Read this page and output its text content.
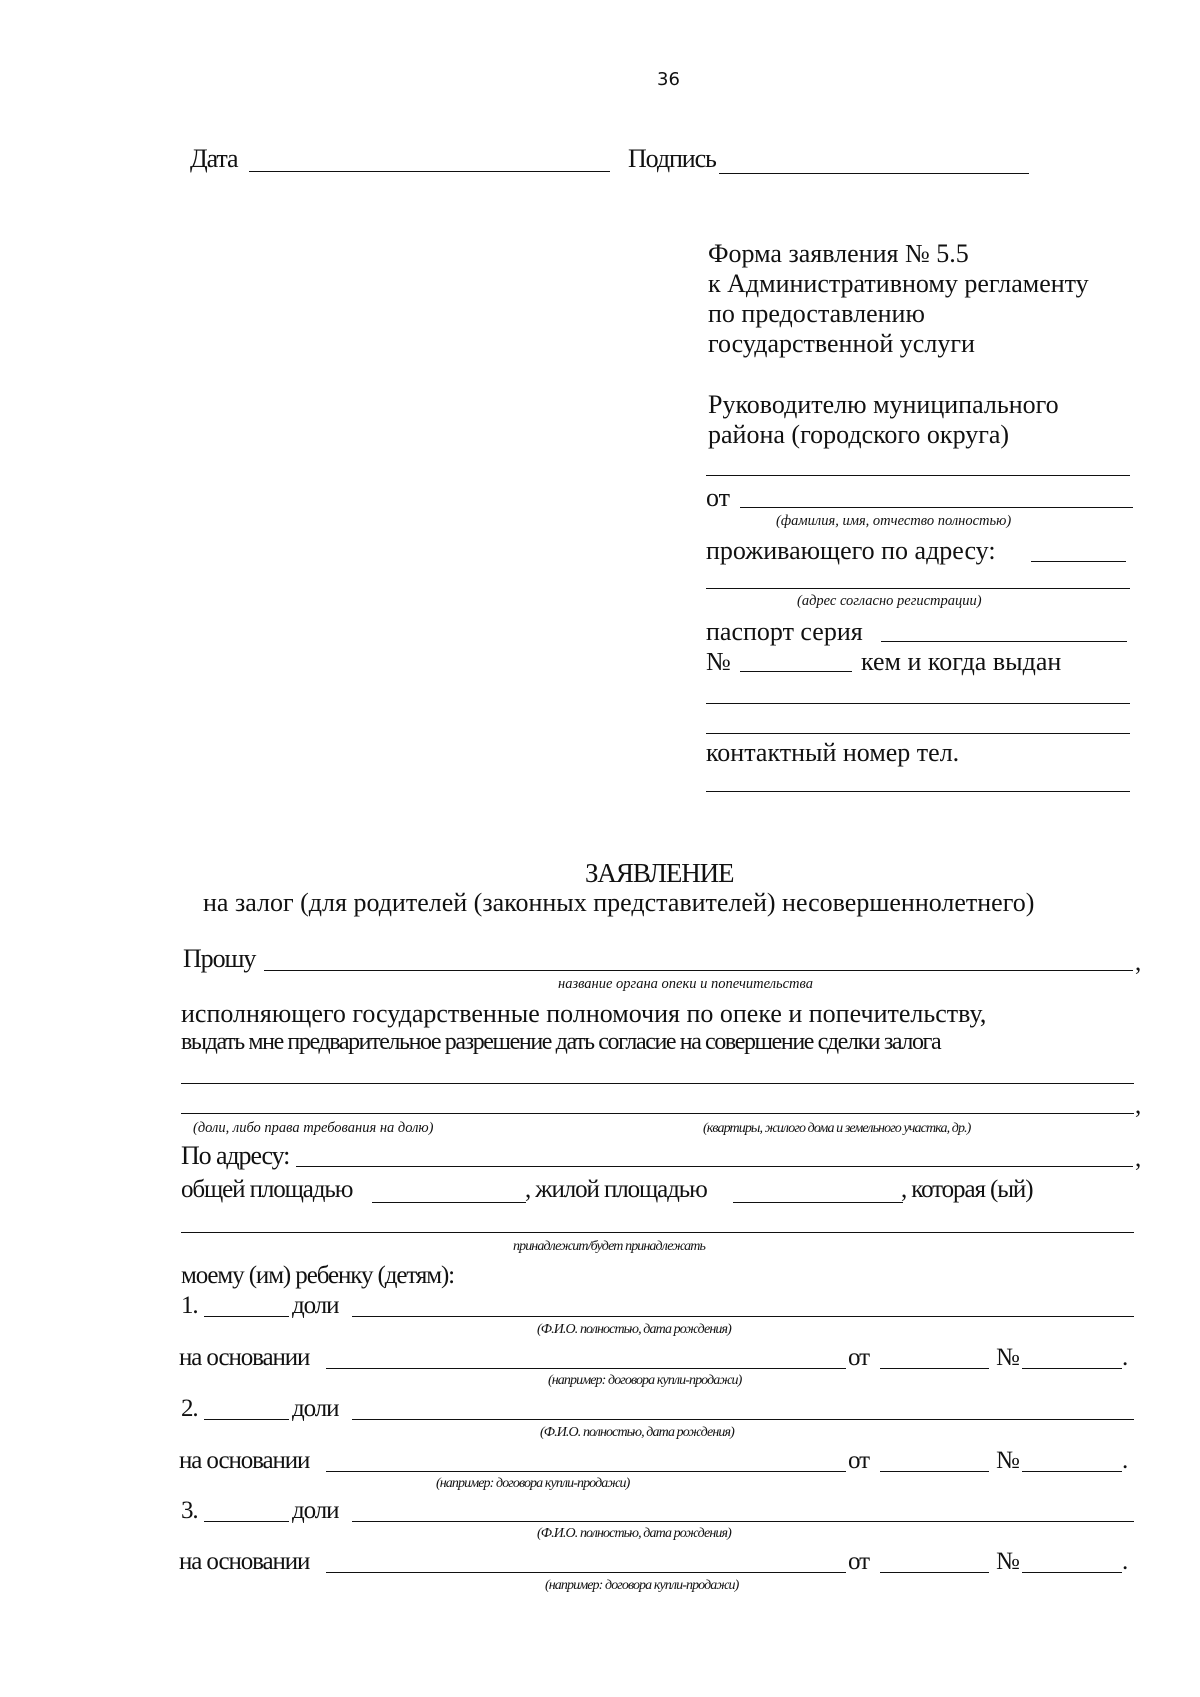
36
Дата	Подпись
Форма заявления № 5.5
к Административному регламенту
по предоставлению
государственной услуги
Руководителю муниципального
района (городского округа)
от
(фамилия, имя, отчество полностью)
проживающего по адресу:
(адрес согласно регистрации)
паспорт серия
№	кем и когда выдан
контактный номер тел.
ЗАЯВЛЕНИЕ
на залог (для родителей (законных представителей) несовершеннолетнего)
Прошу	,
название органа опеки и попечительства
исполняющего государственные полномочия по опеке и попечительству,
выдать мне предварительное разрешение дать согласие на совершение сделки залога
,
(доли, либо права требования на долю)	(квартиры, жилого дома и земельного участка, др.)
По адресу:	,
общей площадью	, жилой площадью	, которая (ый)
принадлежит/будет принадлежать
моему (им) ребенку (детям):
1.	доли
(Ф.И.О. полностью, дата рождения)
на основании	от	№	.
(например: договора купли-продажи)
2.	доли
(Ф.И.О. полностью, дата рождения)
на основании	от	№	.
(например: договора купли-продажи)
3.	доли
(Ф.И.О. полностью, дата рождения)
на основании	от	№	.
(например: договора купли-продажи)
